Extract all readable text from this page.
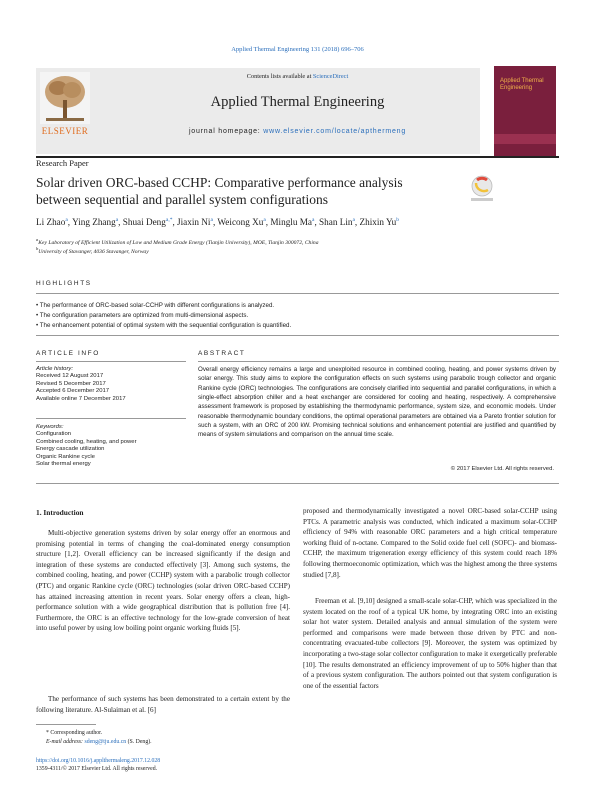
Applied Thermal Engineering 131 (2018) 696–706
ELSEVIER
Contents lists available at ScienceDirect
Applied Thermal Engineering
journal homepage: www.elsevier.com/locate/apthermeng
Applied Thermal Engineering
Research Paper
Solar driven ORC-based CCHP: Comparative performance analysis between sequential and parallel system configurations
Li Zhao$^a$, Ying Zhang$^a$, Shuai Deng$^{a,*}$, Jiaxin Ni$^a$, Weicong Xu$^a$, Minglu Ma$^a$, Shan Lin$^a$, Zhixin Yu$^b$
$^a$Key Laboratory of Efficient Utilization of Low and Medium Grade Energy (Tianjin University), MOE, Tianjin 300072, China
$^b$University of Stavanger, 4036 Stavanger, Norway
HIGHLIGHTS
• The performance of ORC-based solar-CCHP with different configurations is analyzed.
• The configuration parameters are optimized from multi-dimensional aspects.
• The enhancement potential of optimal system with the sequential configuration is quantified.
ARTICLE INFO
Article history:
Received 12 August 2017
Revised 5 December 2017
Accepted 6 December 2017
Available online 7 December 2017
Keywords:
Configuration
Combined cooling, heating, and power
Energy cascade utilization
Organic Rankine cycle
Solar thermal energy
ABSTRACT
Overall energy efficiency remains a large and unexploited resource in combined cooling, heating, and power systems driven by solar energy. This study aims to explore the configuration effects on such systems using parabolic trough collector and organic Rankine cycle (ORC) technologies. The configurations are concisely clarified into sequential and parallel configurations, in which a single-effect absorption chiller and a heat exchanger are considered for cooling and heating, respectively. A comprehensive assessment framework is proposed by establishing the thermodynamic performance, system size, and economic models. Under reasonable thermodynamic boundary conditions, the optimal operational parameters are obtained via a Pareto frontier solution for such a system, with an ORC of 200 kW. Promising technical solutions and enhancement potential are justified and quantified by means of system simulations and comparison on the annual time scale.
© 2017 Elsevier Ltd. All rights reserved.
1. Introduction
Multi-objective generation systems driven by solar energy offer an enormous and promising potential in terms of changing the coal-dominated energy consumption structure [1,2]. Overall efficiency can be increased significantly if the design and integration of these systems are conducted effectively [3]. Among such systems, the combined cooling, heating, and power (CCHP) system with a parabolic trough collector (PTC) and organic Rankine cycle (ORC) technologies (solar driven ORC-based CCHP) has attained increasing attention in recent years. Solar energy offers a clean, high-performance solution with a wide geographical distribution that is pollution free [4]. Furthermore, the ORC is an effective technology for the low-grade conversion of heat into useful power by using low boiling point organic working fluids [5].
The performance of such systems has been demonstrated to a certain extent by the following literature. Al-Sulaiman et al. [6]
proposed and thermodynamically investigated a novel ORC-based solar-CCHP using PTCs. A parametric analysis was conducted, which indicated a maximum solar-CCHP efficiency of 94% with reasonable ORC parameters and a high critical temperature working fluid of n-octane. Compared to the Solid oxide fuel cell (SOFC)- and biomass-CCHP, the maximum trigeneration exergy efficiency of this system could reach 18% following thermoeconomic optimization, which was the highest among the three systems studied [7,8].
Freeman et al. [9,10] designed a small-scale solar-CHP, which was specialized in the system located on the roof of a typical UK home, by integrating ORC into an existing solar hot water system. Detailed analysis and annual simulation of the system were performed and comparisons were made between those driven by PTC and non-concentrating evacuated-tube collectors [9]. Moreover, the system was optimized by incorporating a two-stage solar collector configuration to make it exergetically preferable [10]. The results demonstrated an efficiency improvement of up to 50% higher than that of a previous system configuration. The authors pointed out that system configuration is one of the essential factors
* Corresponding author.
E-mail address: sdeng@tju.edu.cn (S. Deng).
https://doi.org/10.1016/j.applthermaleng.2017.12.028
1359-4311/© 2017 Elsevier Ltd. All rights reserved.
